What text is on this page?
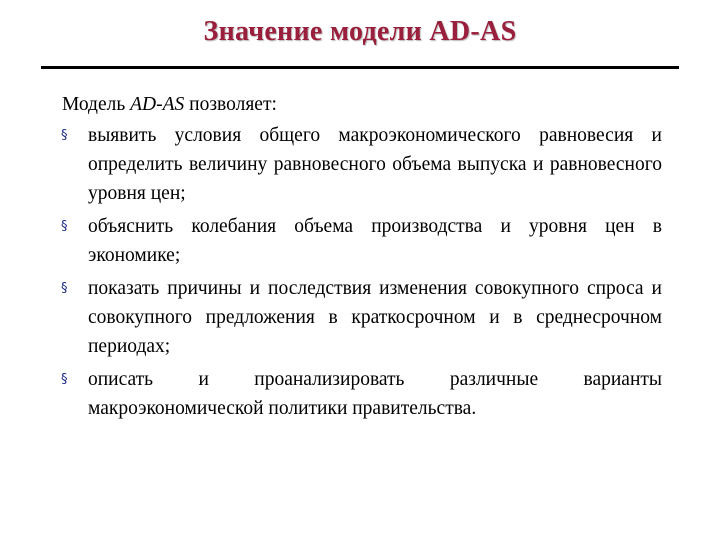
Значение модели AD-AS

Модель AD-AS позволяет:

§ выявить условия общего макроэкономического равновесия и определить величину равновесного объема выпуска и равновесного уровня цен;
§ объяснить колебания объема производства и уровня цен в экономике;
§ показать причины и последствия изменения совокупного спроса и совокупного предложения в краткосрочном и в среднесрочном периодах;
§ описать и проанализировать различные варианты макроэкономической политики правительства.
